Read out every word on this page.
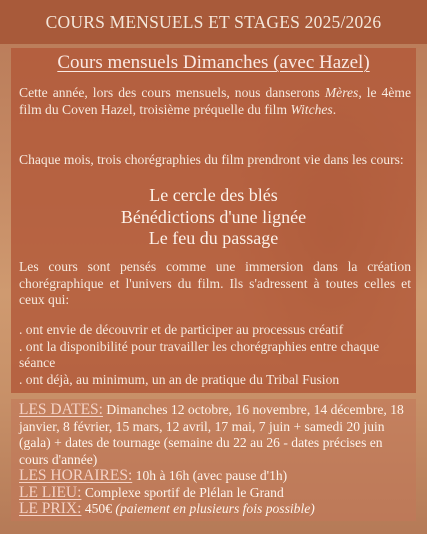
COURS MENSUELS ET STAGES 2025/2026
Cours mensuels Dimanches (avec Hazel)
Cette année, lors des cours mensuels, nous danserons Mères, le 4ème film du Coven Hazel, troisième préquelle du film Witches.
Chaque mois, trois chorégraphies du film prendront vie dans les cours:
Le cercle des blés
Bénédictions d'une lignée
Le feu du passage
Les cours sont pensés comme une immersion dans la création chorégraphique et l'univers du film. Ils s'adressent à toutes celles et ceux qui:
. ont envie de découvrir et de participer au processus créatif
. ont la disponibilité pour travailler les chorégraphies entre chaque séance
. ont déjà, au minimum, un an de pratique du Tribal Fusion
LES DATES: Dimanches 12 octobre, 16 novembre, 14 décembre, 18 janvier, 8 février, 15 mars, 12 avril, 17 mai, 7 juin + samedi 20 juin (gala) + dates de tournage (semaine du 22 au 26 - dates précises en cours d'année)
LES HORAIRES: 10h à 16h (avec pause d'1h)
LE LIEU: Complexe sportif de Plélan le Grand
LE PRIX: 450€ (paiement en plusieurs fois possible)
